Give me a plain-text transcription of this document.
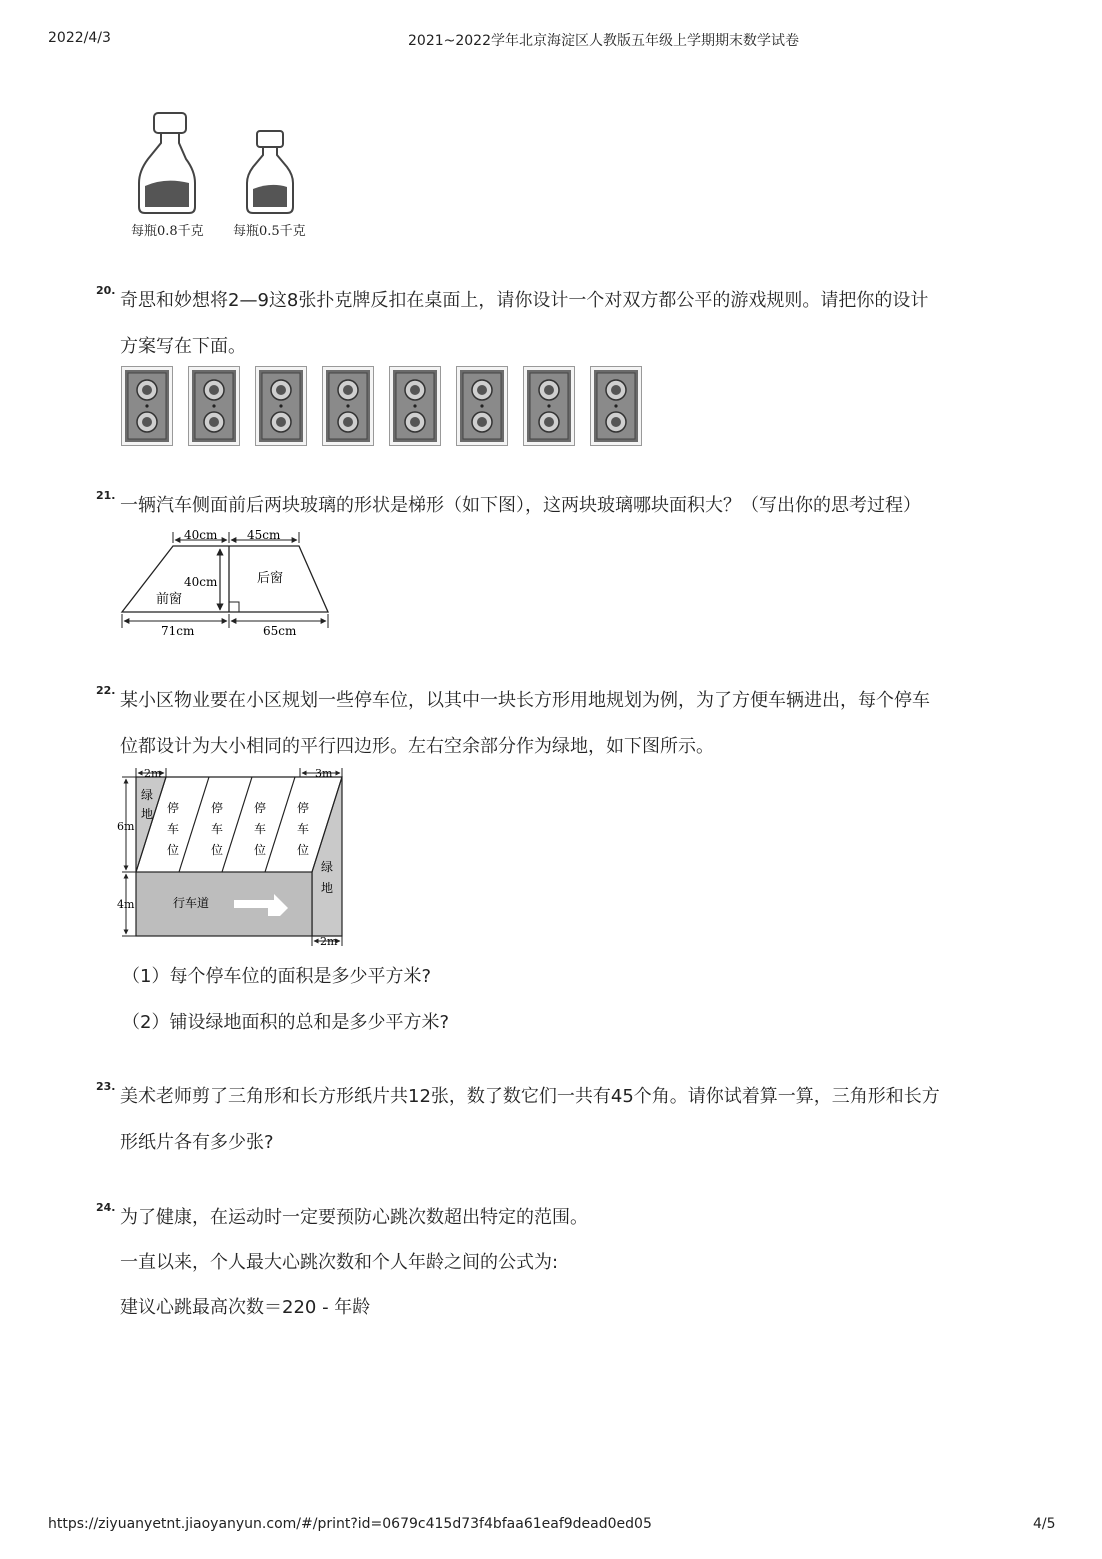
2022/4/3	2021~2022学年北京海淀区人教版五年级上学期期末数学试卷
每瓶0.8千克 每瓶0.5千克
20. 奇思和妙想将2—9这8张扑克牌反扣在桌面上，请你设计一个对双方都公平的游戏规则。请把你的设计
方案写在下面。
21. 一辆汽车侧面前后两块玻璃的形状是梯形（如下图），这两块玻璃哪块面积大？（写出你的思考过程）
40cm 45cm
40cm	后窗
前窗
71cm	65cm
22. 某小区物业要在小区规划一些停车位，以其中一块长方形用地规划为例，为了方便车辆进出，每个停车
位都设计为大小相同的平行四边形。左右空余部分作为绿地，如下图所示。
2m	3m
6m
4m
2m
绿
地
绿
地
停
车
位
停
车
位
停
车
位
停
车
位
行车道
（1）每个停车位的面积是多少平方米?
（2）铺设绿地面积的总和是多少平方米?
23. 美术老师剪了三角形和长方形纸片共12张，数了数它们一共有45个角。请你试着算一算，三角形和长方
形纸片各有多少张?
24. 为了健康，在运动时一定要预防心跳次数超出特定的范围。
一直以来，个人最大心跳次数和个人年龄之间的公式为:
建议心跳最高次数＝220 - 年龄
https://ziyuanyetnt.jiaoyanyun.com/#/print?id=0679c415d73f4bfaa61eaf9dead0ed05	4/5
